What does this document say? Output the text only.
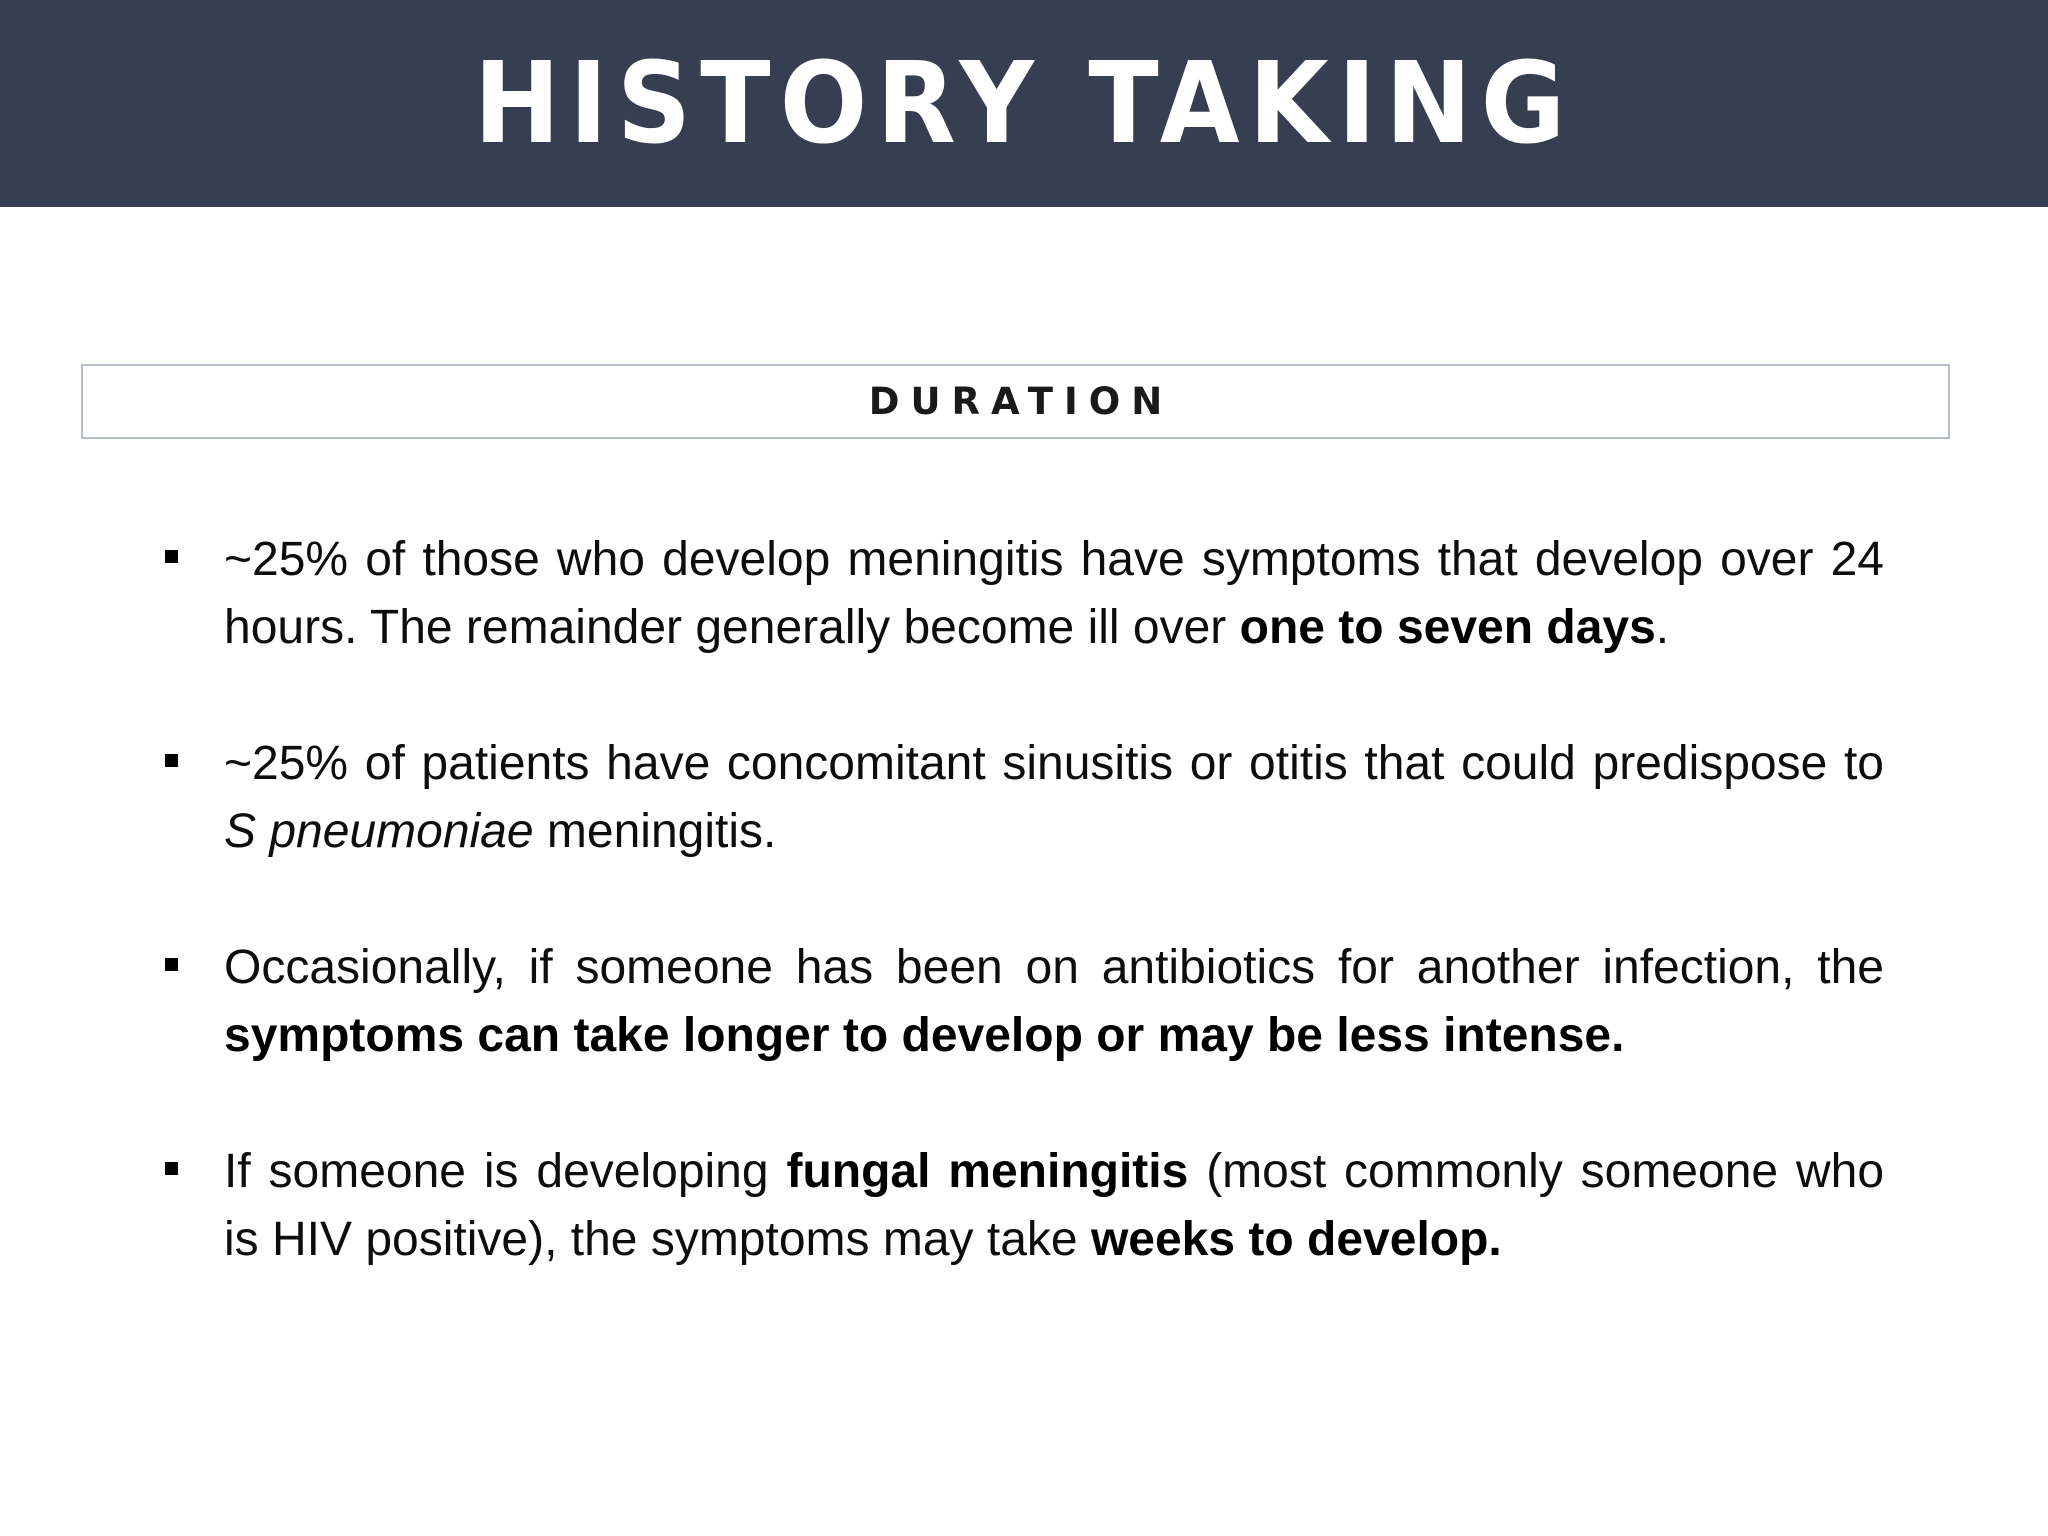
HISTORY TAKING
DURATION
~25% of those who develop meningitis have symptoms that develop over 24 hours. The remainder generally become ill over one to seven days.
~25% of patients have concomitant sinusitis or otitis that could predispose to S pneumoniae meningitis.
Occasionally, if someone has been on antibiotics for another infection, the symptoms can take longer to develop or may be less intense.
If someone is developing fungal meningitis (most commonly someone who is HIV positive), the symptoms may take weeks to develop.
